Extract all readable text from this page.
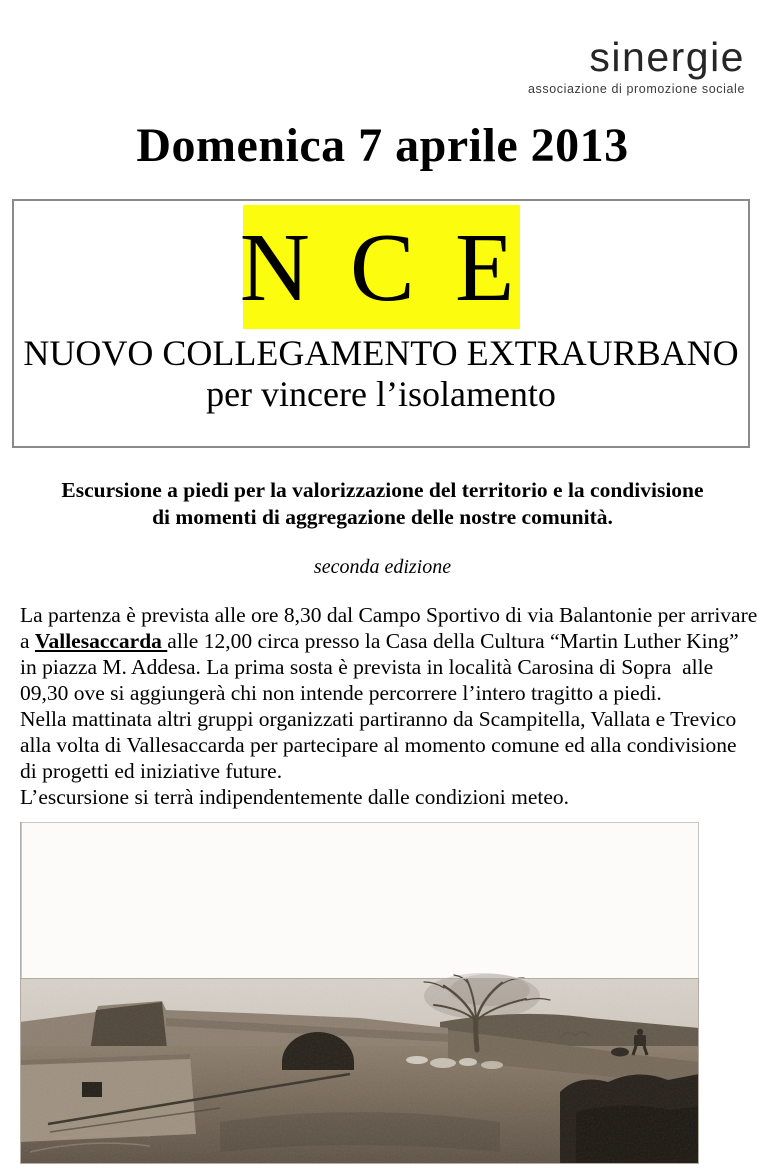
sinergie
associazione di promozione sociale
Domenica 7 aprile 2013
N C E
NUOVO COLLEGAMENTO EXTRAURBANO
per vincere l’isolamento

Escursione a piedi per la valorizzazione del territorio e la condivisione
di momenti di aggregazione delle nostre comunità.

seconda edizione
La partenza è prevista alle ore 8,30 dal Campo Sportivo di via Balantonie per arrivare
a Vallesaccarda alle 12,00 circa presso la Casa della Cultura “Martin Luther King”
in piazza M. Addesa. La prima sosta è prevista in località Carosina di Sopra  alle
09,30 ove si aggiungerà chi non intende percorrere l’intero tragitto a piedi.
Nella mattinata altri gruppi organizzati partiranno da Scampitella, Vallata e Trevico
alla volta di Vallesaccarda per partecipare al momento comune ed alla condivisione
di progetti ed iniziative future.
L’escursione si terrà indipendentemente dalle condizioni meteo.
